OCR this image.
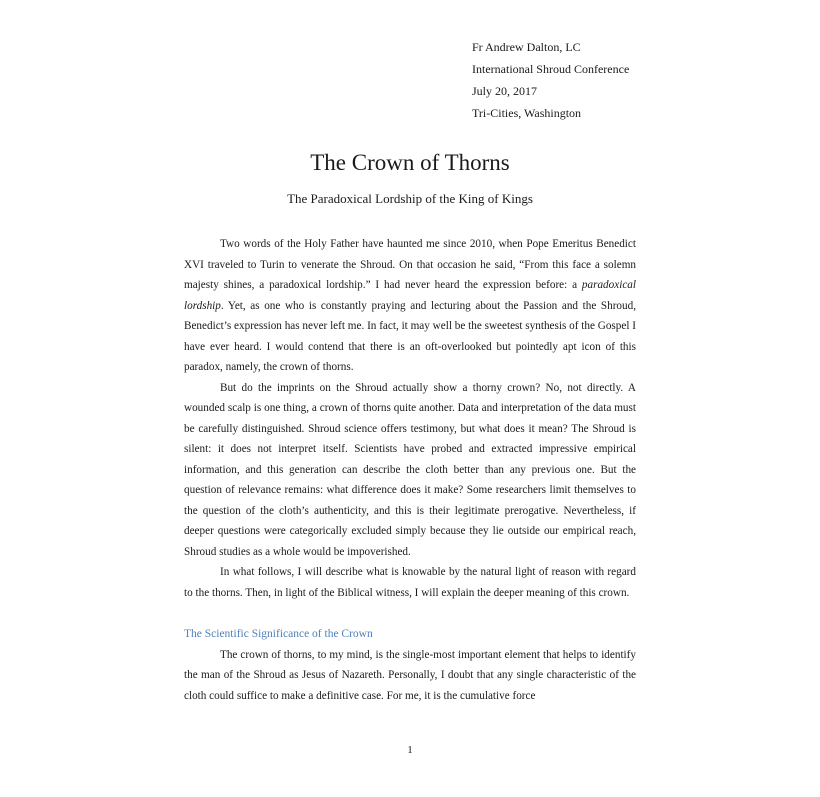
Fr Andrew Dalton, LC
International Shroud Conference
July 20, 2017
Tri-Cities, Washington
The Crown of Thorns
The Paradoxical Lordship of the King of Kings

Two words of the Holy Father have haunted me since 2010, when Pope Emeritus Benedict XVI traveled to Turin to venerate the Shroud. On that occasion he said, “From this face a solemn majesty shines, a paradoxical lordship.” I had never heard the expression before: a paradoxical lordship. Yet, as one who is constantly praying and lecturing about the Passion and the Shroud, Benedict’s expression has never left me. In fact, it may well be the sweetest synthesis of the Gospel I have ever heard. I would contend that there is an oft-overlooked but pointedly apt icon of this paradox, namely, the crown of thorns.

But do the imprints on the Shroud actually show a thorny crown? No, not directly. A wounded scalp is one thing, a crown of thorns quite another. Data and interpretation of the data must be carefully distinguished. Shroud science offers testimony, but what does it mean? The Shroud is silent: it does not interpret itself. Scientists have probed and extracted impressive empirical information, and this generation can describe the cloth better than any previous one. But the question of relevance remains: what difference does it make? Some researchers limit themselves to the question of the cloth’s authenticity, and this is their legitimate prerogative. Nevertheless, if deeper questions were categorically excluded simply because they lie outside our empirical reach, Shroud studies as a whole would be impoverished.

In what follows, I will describe what is knowable by the natural light of reason with regard to the thorns. Then, in light of the Biblical witness, I will explain the deeper meaning of this crown.

The Scientific Significance of the Crown

The crown of thorns, to my mind, is the single-most important element that helps to identify the man of the Shroud as Jesus of Nazareth. Personally, I doubt that any single characteristic of the cloth could suffice to make a definitive case. For me, it is the cumulative force

1
